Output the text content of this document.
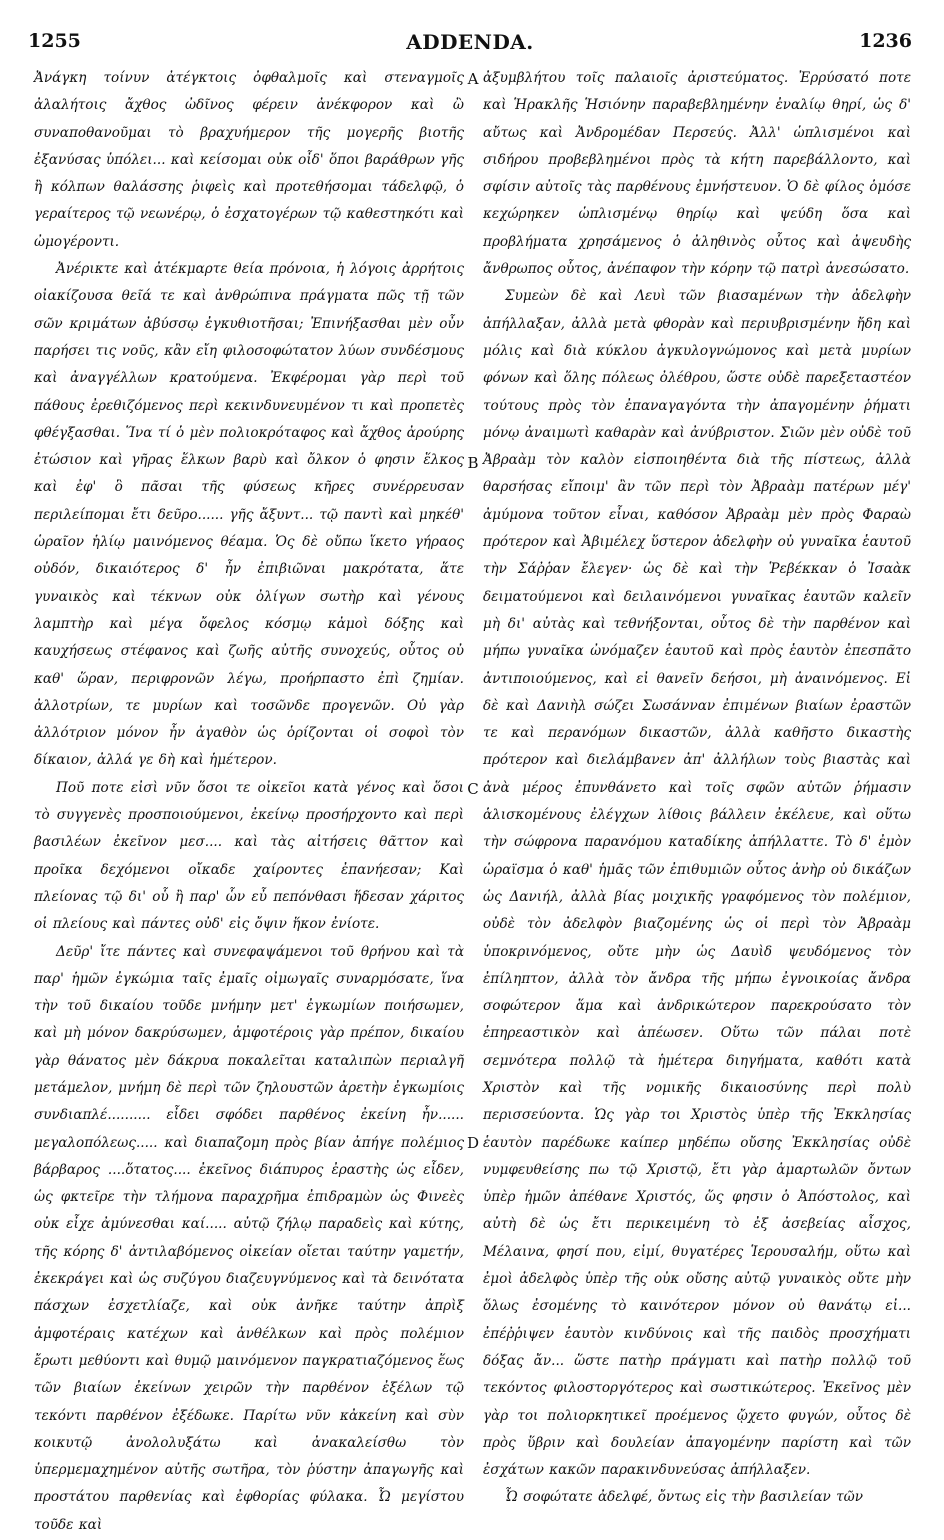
1255	ADDENDA.	1236

Ἀνάγκη τοίνυν ἀτέγκτοις ὀφθαλμοῖς καὶ στεναγμοῖς ἀλαλήτοις ἄχθος ὠδῖνος φέρειν ἀνέκφορον καὶ ὢ συναποθανοῦμαι τὸ βραχυήμερον τῆς μογερῆς βιοτῆς ἐξανύσας ὑπόλει... καὶ κείσομαι οὐκ οἶδ' ὅποι βαράθρων γῆς ἢ κόλπων θαλάσσης ῥιφεὶς καὶ προτεθήσομαι τάδελφῷ, ὁ γεραίτερος τῷ νεωνέρῳ, ὁ ἐσχατογέρων τῷ καθεστηκότι καὶ ὠμογέροντι.

Ἀνέρικτε καὶ ἀτέκμαρτε θεία πρόνοια, ἡ λόγοις ἀρρήτοις οἰακίζουσα θεῖά τε καὶ ἀνθρώπινα πράγματα πῶς τῇ τῶν σῶν κριμάτων ἀβύσσῳ ἐγκυθιοτῆσαι; Ἐπινήξασθαι μὲν οὖν παρήσει τις νοῦς, κἂν εἴη φιλοσοφώτατον λύων συνδέσμους καὶ ἀναγγέλλων κρατούμενα. Ἐκφέρομαι γὰρ περὶ τοῦ πάθους ἐρεθιζόμενος περὶ κεκινδυνευμένον τι καὶ προπετὲς φθέγξασθαι. Ἵνα τί ὁ μὲν πολιοκρόταφος καὶ ἄχθος ἀρούρης ἐτώσιον καὶ γῆρας ἕλκων βαρὺ καὶ ὄλκον ὁ φησιν ἕλκος καὶ ἐφ' ὃ πᾶσαι τῆς φύσεως κῆρες συνέρρευσαν περιλείπομαι ἔτι δεῦρο...... γῆς ἄξυντ... τῷ παντὶ καὶ μηκέθ' ὡραῖον ἡλίῳ μαινόμενος θέαμα. Ὁς δὲ οὔπω ἵκετο γήραος οὐδόν, δικαιότερος δ' ἦν ἐπιβιῶναι μακρότατα, ἅτε γυναικὸς καὶ τέκνων οὐκ ὀλίγων σωτὴρ καὶ γένους λαμπτὴρ καὶ μέγα ὄφελος κόσμῳ κἀμοὶ δόξης καὶ καυχήσεως στέφανος καὶ ζωῆς αὐτῆς συνοχεύς, οὗτος οὐ καθ' ὥραν, περιφρονῶν λέγω, προήρπαστο ἐπὶ ζημίαν. ἀλλοτρίων, τε μυρίων καὶ τοσῶνδε προγενῶν. Οὐ γὰρ ἀλλότριον μόνον ἦν ἀγαθὸν ὡς ὁρίζονται οἱ σοφοὶ τὸν δίκαιον, ἀλλά γε δὴ καὶ ἡμέτερον.

Ποῦ ποτε εἰσὶ νῦν ὅσοι τε οἰκεῖοι κατὰ γένος καὶ ὅσοι τὸ συγγενὲς προσποιούμενοι, ἐκείνῳ προσήρχοντο καὶ περὶ βασιλέων ἐκεῖνον μεσ.... καὶ τὰς αἰτήσεις θᾶττον καὶ προῖκα δεχόμενοι οἴκαδε χαίροντες ἐπανήεσαν; Καὶ πλείονας τῷ δι' οὗ ἢ παρ' ὧν εὖ πεπόνθασι ἥδεσαν χάριτος οἱ πλείους καὶ πάντες οὐδ' εἰς ὄψιν ἥκον ἐνίοτε.

Δεῦρ' ἴτε πάντες καὶ συνεφαψάμενοι τοῦ θρήνου καὶ τὰ παρ' ἡμῶν ἐγκώμια ταῖς ἐμαῖς οἰμωγαῖς συναρμόσατε, ἵνα τὴν τοῦ δικαίου τοῦδε μνήμην μετ' ἐγκωμίων ποιήσωμεν, καὶ μὴ μόνον δακρύσωμεν, ἀμφοτέροις γὰρ πρέπον, δικαίου γὰρ θάνατος μὲν δάκρυα ποκαλεῖται καταλιπὼν περιαλγῆ μετάμελον, μνήμη δὲ περὶ τῶν ζηλουστῶν ἀρετὴν ἐγκωμίοις συνδιαπλέ.......... εἶδει σφόδει παρθένος ἐκείνη ἦν...... μεγαλοπόλεως..... καὶ διαπαζομη πρὸς βίαν ἀπήγε πολέμιος βάρβαρος ....ὅτατος.... ἐκεῖνος διάπυρος ἐραστὴς ὡς εἶδεν, ὡς φκτεῖρε τὴν τλήμονα παραχρῆμα ἐπιδραμὼν ὡς Φινεὲς οὐκ εἶχε ἀμύνεσθαι καί..... αὐτῷ ζήλῳ παραδεὶς καὶ κύτης, τῆς κόρης δ' ἀντιλαβόμενος οἰκείαν οἴεται ταύτην γαμετήν, ἐκεκράγει καὶ ὡς συζύγου διαζευγνύμενος καὶ τὰ δεινότατα πάσχων ἐσχετλίαζε, καὶ οὐκ ἀνῆκε ταύτην ἀπρὶξ ἀμφοτέραις κατέχων καὶ ἀνθέλκων καὶ πρὸς πολέμιον ἔρωτι μεθύοντι καὶ θυμῷ μαινόμενον παγκρατιαζόμενος ἕως τῶν βιαίων ἐκείνων χειρῶν τὴν παρθένον ἐξέλων τῷ τεκόντι παρθένον ἐξέδωκε. Παρίτω νῦν κἀκείνη καὶ σὺν κοικυτῷ ἀνολολυξάτω καὶ ἀνακαλείσθω τὸν ὑπερμεμαχημένον αὐτῆς σωτῆρα, τὸν ῥύστην ἀπαγωγῆς καὶ προστάτου παρθενίας καὶ ἐφθορίας φύλακα. Ὦ μεγίστου τοῦδε καὶ

A
B
C
D

ἀξυμβλήτου τοῖς παλαιοῖς ἀριστεύματος. Ἐρρύσατό ποτε καὶ Ἡρακλῆς Ἡσιόνην παραβεβλημένην ἐναλίῳ θηρί, ὡς δ' αὔτως καὶ Ἀνδρομέδαν Περσεύς. Ἀλλ' ὡπλισμένοι καὶ σιδήρου προβεβλημένοι πρὸς τὰ κήτη παρεβάλλοντο, καὶ σφίσιν αὐτοῖς τὰς παρθένους ἐμνήστευον. Ὁ δὲ φίλος ὁμόσε κεχώρηκεν ὡπλισμένῳ θηρίῳ καὶ ψεύδη ὅσα καὶ προβλήματα χρησάμενος ὁ ἀληθινὸς οὗτος καὶ ἀψευδὴς ἄνθρωπος οὗτος, ἀνέπαφον τὴν κόρην τῷ πατρὶ ἀνεσώσατο.

Συμεὼν δὲ καὶ Λευὶ τῶν βιασαμένων τὴν ἀδελφὴν ἀπήλλαξαν, ἀλλὰ μετὰ φθορὰν καὶ περιυβρισμένην ἤδη καὶ μόλις καὶ διὰ κύκλου ἀγκυλογνώμονος καὶ μετὰ μυρίων φόνων καὶ ὅλης πόλεως ὀλέθρου, ὥστε οὐδὲ παρεξεταστέον τούτους πρὸς τὸν ἐπαναγαγόντα τὴν ἀπαγομένην ῥήματι μόνῳ ἀναιμωτὶ καθαρὰν καὶ ἀνύβριστον. Σιῶν μὲν οὐδὲ τοῦ Ἀβραὰμ τὸν καλὸν εἰσποιηθέντα διὰ τῆς πίστεως, ἀλλὰ θαρσήσας εἴποιμ' ἂν τῶν περὶ τὸν Ἀβραὰμ πατέρων μέγ' ἀμύμονα τοῦτον εἶναι, καθόσον Ἀβραὰμ μὲν πρὸς Φαραὼ πρότερον καὶ Ἀβιμέλεχ ὕστερον ἀδελφὴν οὐ γυναῖκα ἑαυτοῦ τὴν Σάῤῥαν ἔλεγεν· ὡς δὲ καὶ τὴν Ῥεβέκκαν ὁ Ἰσαὰκ δειματούμενοι καὶ δειλαινόμενοι γυναῖκας ἑαυτῶν καλεῖν μὴ δι' αὐτὰς καὶ τεθνήξονται, οὗτος δὲ τὴν παρθένον καὶ μήπω γυναῖκα ὠνόμαζεν ἑαυτοῦ καὶ πρὸς ἑαυτὸν ἐπεσπᾶτο ἀντιποιούμενος, καὶ εἰ θανεῖν δεήσοι, μὴ ἀναινόμενος. Εἰ δὲ καὶ Δανιὴλ σώζει Σωσάνναν ἐπιμένων βιαίων ἐραστῶν τε καὶ περανόμων δικαστῶν, ἀλλὰ καθῆστο δικαστὴς πρότερον καὶ διελάμβανεν ἀπ' ἀλλήλων τοὺς βιαστὰς καὶ ἀνὰ μέρος ἐπυνθάνετο καὶ τοῖς σφῶν αὐτῶν ῥήμασιν ἁλισκομένους ἐλέγχων λίθοις βάλλειν ἐκέλευε, καὶ οὕτω τὴν σώφρονα παρανόμου καταδίκης ἀπήλλαττε. Τὸ δ' ἐμὸν ὡραϊσμα ὁ καθ' ἡμᾶς τῶν ἐπιθυμιῶν οὗτος ἀνὴρ οὐ δικάζων ὡς Δανιήλ, ἀλλὰ βίας μοιχικῆς γραφόμενος τὸν πολέμιον, οὐδὲ τὸν ἀδελφὸν βιαζομένης ὡς οἱ περὶ τὸν Ἀβραὰμ ὑποκρινόμενος, οὔτε μὴν ὡς Δαυὶδ ψευδόμενος τὸν ἐπίληπτον, ἀλλὰ τὸν ἄνδρα τῆς μήπω ἐγνοικοίας ἄνδρα σοφώτερον ἅμα καὶ ἀνδρικώτερον παρεκρούσατο τὸν ἐπηρεαστικὸν καὶ ἀπέωσεν. Οὕτω τῶν πάλαι ποτὲ σεμνότερα πολλῷ τὰ ἡμέτερα διηγήματα, καθότι κατὰ Χριστὸν καὶ τῆς νομικῆς δικαιοσύνης περὶ πολὺ περισσεύοντα. Ὡς γὰρ τοι Χριστὸς ὑπὲρ τῆς Ἐκκλησίας ἑαυτὸν παρέδωκε καίπερ μηδέπω οὔσης Ἐκκλησίας οὐδὲ νυμφευθείσης πω τῷ Χριστῷ, ἔτι γὰρ ἁμαρτωλῶν ὄντων ὑπὲρ ἡμῶν ἀπέθανε Χριστός, ὥς φησιν ὁ Ἀπόστολος, καὶ αὐτὴ δὲ ὡς ἔτι περικειμένη τὸ ἐξ ἀσεβείας αἶσχος, Μέλαινα, φησί που, εἰμί, θυγατέρες Ἱερουσαλήμ, οὕτω καὶ ἐμοὶ ἀδελφὸς ὑπὲρ τῆς οὐκ οὔσης αὐτῷ γυναικὸς οὔτε μὴν ὅλως ἐσομένης τὸ καινότερον μόνον οὐ θανάτῳ εἰ... ἐπέῤῥιψεν ἑαυτὸν κινδύνοις καὶ τῆς παιδὸς προσχήματι δόξας ἄν... ὥστε πατὴρ πράγματι καὶ πατὴρ πολλῷ τοῦ τεκόντος φιλοστοργότερος καὶ σωστικώτερος. Ἐκεῖνος μὲν γὰρ τοι πολιορκητικεῖ προέμενος ᾤχετο φυγών, οὗτος δὲ πρὸς ὕβριν καὶ δουλείαν ἀπαγομένην παρίστη καὶ τῶν ἐσχάτων κακῶν παρακινδυνεύσας ἀπήλλαξεν.

Ὦ σοφώτατε ἀδελφέ, ὄντως εἰς τὴν βασιλείαν τῶν
